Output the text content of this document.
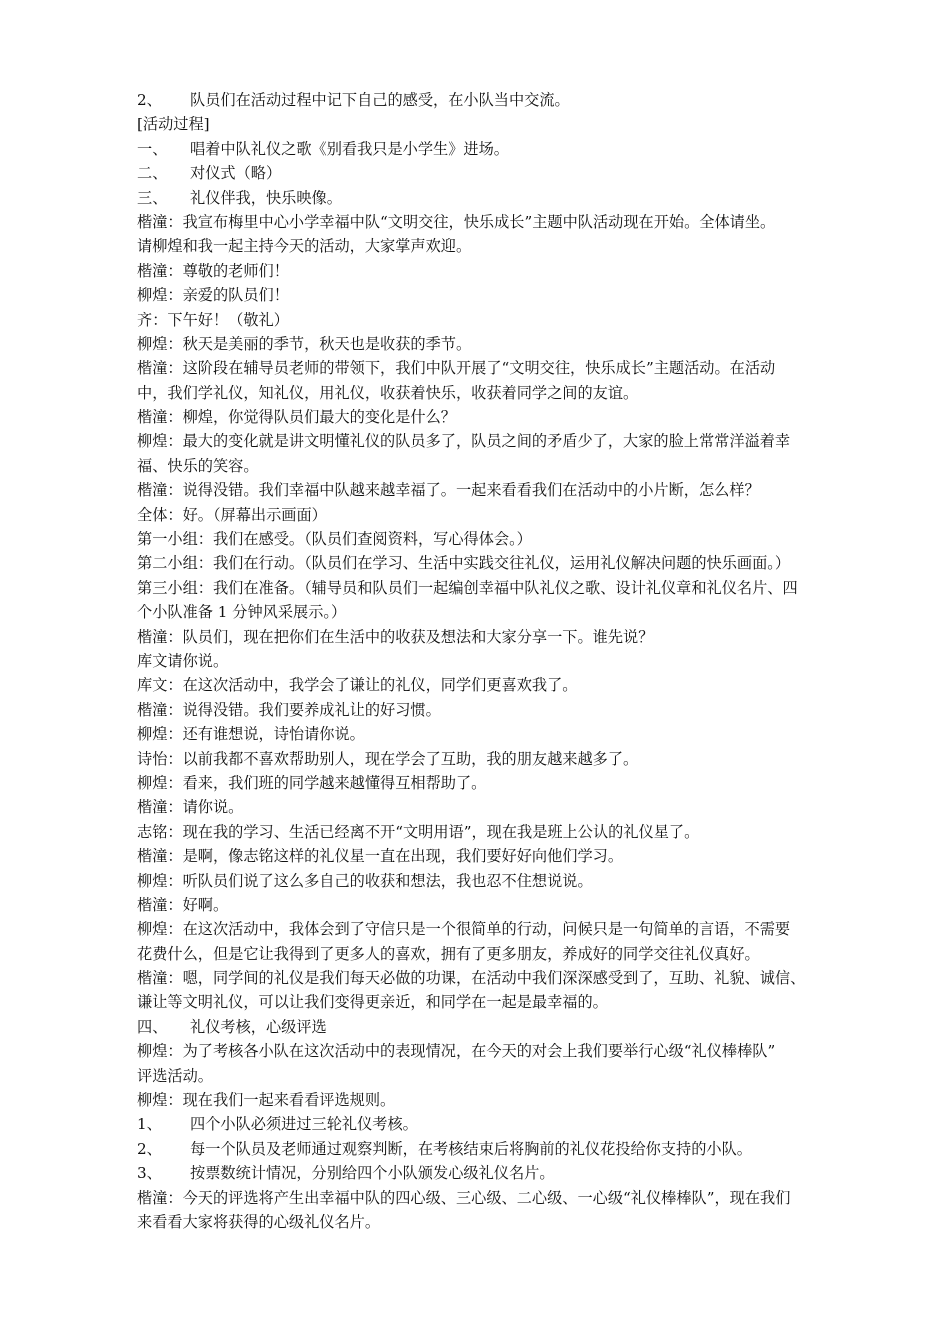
2、 队员们在活动过程中记下自己的感受，在小队当中交流。
[活动过程]
一、 唱着中队礼仪之歌《别看我只是小学生》进场。
二、 对仪式（略）
三、 礼仪伴我，快乐映像。
楷潼：我宣布梅里中心小学幸福中队“文明交往，快乐成长”主题中队活动现在开始。全体请坐。
请柳煌和我一起主持今天的活动，大家掌声欢迎。
楷潼：尊敬的老师们！
柳煌：亲爱的队员们！
齐：下午好！（敬礼）
柳煌：秋天是美丽的季节，秋天也是收获的季节。
楷潼：这阶段在辅导员老师的带领下，我们中队开展了“文明交往，快乐成长”主题活动。在活动
中，我们学礼仪，知礼仪，用礼仪，收获着快乐，收获着同学之间的友谊。
楷潼：柳煌，你觉得队员们最大的变化是什么？
柳煌：最大的变化就是讲文明懂礼仪的队员多了，队员之间的矛盾少了，大家的脸上常常洋溢着幸
福、快乐的笑容。
楷潼：说得没错。我们幸福中队越来越幸福了。一起来看看我们在活动中的小片断，怎么样？
全体：好。（屏幕出示画面）
第一小组：我们在感受。（队员们查阅资料，写心得体会。）
第二小组：我们在行动。（队员们在学习、生活中实践交往礼仪，运用礼仪解决问题的快乐画面。）
第三小组：我们在准备。（辅导员和队员们一起编创幸福中队礼仪之歌、设计礼仪章和礼仪名片、四
个小队准备 1 分钟风采展示。）
楷潼：队员们，现在把你们在生活中的收获及想法和大家分享一下。谁先说？
库文请你说。
库文：在这次活动中，我学会了谦让的礼仪，同学们更喜欢我了。
楷潼：说得没错。我们要养成礼让的好习惯。
柳煌：还有谁想说，诗怡请你说。
诗怡：以前我都不喜欢帮助别人，现在学会了互助，我的朋友越来越多了。
柳煌：看来，我们班的同学越来越懂得互相帮助了。
楷潼：请你说。
志铭：现在我的学习、生活已经离不开“文明用语”，现在我是班上公认的礼仪星了。
楷潼：是啊，像志铭这样的礼仪星一直在出现，我们要好好向他们学习。
柳煌：听队员们说了这么多自己的收获和想法，我也忍不住想说说。
楷潼：好啊。
柳煌：在这次活动中，我体会到了守信只是一个很简单的行动，问候只是一句简单的言语，不需要
花费什么，但是它让我得到了更多人的喜欢，拥有了更多朋友，养成好的同学交往礼仪真好。
楷潼：嗯，同学间的礼仪是我们每天必做的功课，在活动中我们深深感受到了，互助、礼貌、诚信、
谦让等文明礼仪，可以让我们变得更亲近，和同学在一起是最幸福的。
四、 礼仪考核，心级评选
柳煌：为了考核各小队在这次活动中的表现情况，在今天的对会上我们要举行心级“礼仪棒棒队”
评选活动。
柳煌：现在我们一起来看看评选规则。
1、 四个小队必须进过三轮礼仪考核。
2、 每一个队员及老师通过观察判断，在考核结束后将胸前的礼仪花投给你支持的小队。
3、 按票数统计情况，分别给四个小队颁发心级礼仪名片。
楷潼：今天的评选将产生出幸福中队的四心级、三心级、二心级、一心级“礼仪棒棒队”，现在我们
来看看大家将获得的心级礼仪名片。
